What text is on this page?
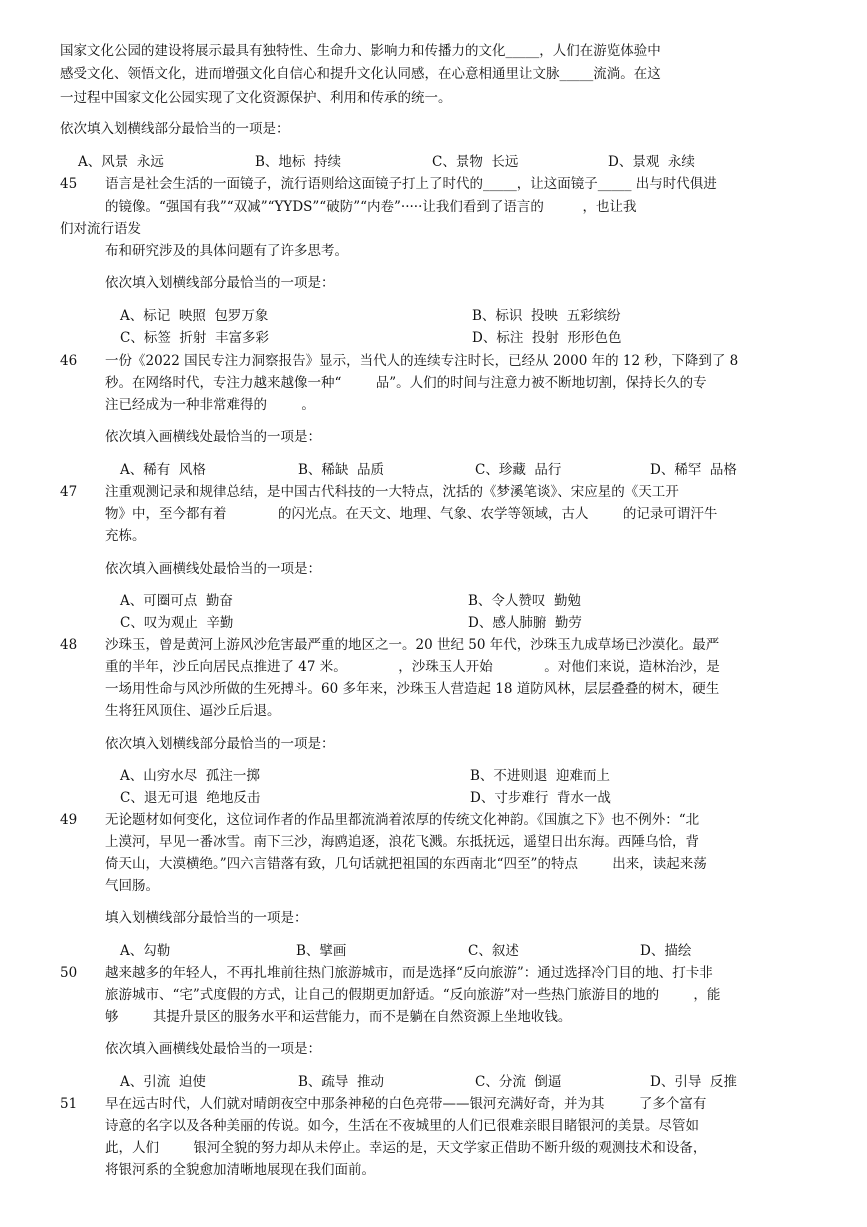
国家文化公园的建设将展示最具有独特性、生命力、影响力和传播力的文化_____，人们在游览体验中
感受文化、领悟文化，进而增强文化自信心和提升文化认同感，在心意相通里让文脉_____流淌。在这
一过程中国家文化公园实现了文化资源保护、利用和传承的统一。
依次填入划横线部分最恰当的一项是：
A、风景  永远	B、地标  持续	C、景物  长远	D、景观  永续
45 语言是社会生活的一面镜子，流行语则给这面镜子打上了时代的_____，让这面镜子_____ 出与时代俱进
的镜像。“强国有我”“双减”“YYDS”“破防”“内卷”·····让我们看到了语言的         ，也让我
们对流行语发
布和研究涉及的具体问题有了许多思考。
依次填入划横线部分最恰当的一项是：
A、标记  映照  包罗万象	B、标识  投映  五彩缤纷
C、标签  折射  丰富多彩	D、标注  投射  形形色色
46 一份《2022 国民专注力洞察报告》显示，当代人的连续专注时长，已经从 2000 年的 12 秒，下降到了 8
秒。在网络时代，专注力越来越像一种“        品”。人们的时间与注意力被不断地切割，保持长久的专
注已经成为一种非常难得的        。
依次填入画横线处最恰当的一项是：
A、稀有  风格	B、稀缺  品质	C、珍藏  品行	D、稀罕  品格
47 注重观测记录和规律总结，是中国古代科技的一大特点，沈括的《梦溪笔谈》、宋应星的《天工开
物》中，至今都有着            的闪光点。在天文、地理、气象、农学等领域，古人        的记录可谓汗牛
充栋。
依次填入画横线处最恰当的一项是：
A、可圈可点  勤奋	B、令人赞叹  勤勉
C、叹为观止  辛勤	D、感人肺腑  勤劳
48 沙珠玉，曾是黄河上游风沙危害最严重的地区之一。20 世纪 50 年代，沙珠玉九成草场已沙漠化。最严
重的半年，沙丘向居民点推进了 47 米。            ，沙珠玉人开始            。对他们来说，造林治沙，是
一场用性命与风沙所做的生死搏斗。60 多年来，沙珠玉人营造起 18 道防风林，层层叠叠的树木，硬生
生将狂风顶住、逼沙丘后退。
依次填入划横线部分最恰当的一项是：
A、山穷水尽  孤注一掷	B、不进则退  迎难而上
C、退无可退  绝地反击	D、寸步难行  背水一战
49 无论题材如何变化，这位词作者的作品里都流淌着浓厚的传统文化神韵。《国旗之下》也不例外：“北
上漠河，早见一番冰雪。南下三沙，海鸥追逐，浪花飞溅。东抵抚远，遥望日出东海。西陲乌恰，背
倚天山，大漠横绝。”四六言错落有致，几句话就把祖国的东西南北“四至”的特点        出来，读起来荡
气回肠。
填入划横线部分最恰当的一项是：
A、勾勒	B、擘画	C、叙述	D、描绘
50 越来越多的年轻人，不再扎堆前往热门旅游城市，而是选择“反向旅游”：通过选择冷门目的地、打卡非
旅游城市、“宅”式度假的方式，让自己的假期更加舒适。“反向旅游”对一些热门旅游目的地的        ，能
够        其提升景区的服务水平和运营能力，而不是躺在自然资源上坐地收钱。
依次填入画横线处最恰当的一项是：
A、引流  迫使	B、疏导  推动	C、分流  倒逼	D、引导  反推
51 早在远古时代，人们就对晴朗夜空中那条神秘的白色亮带——银河充满好奇，并为其        了多个富有
诗意的名字以及各种美丽的传说。如今，生活在不夜城里的人们已很难亲眼目睹银河的美景。尽管如
此，人们        银河全貌的努力却从未停止。幸运的是，天文学家正借助不断升级的观测技术和设备，
将银河系的全貌愈加清晰地展现在我们面前。
